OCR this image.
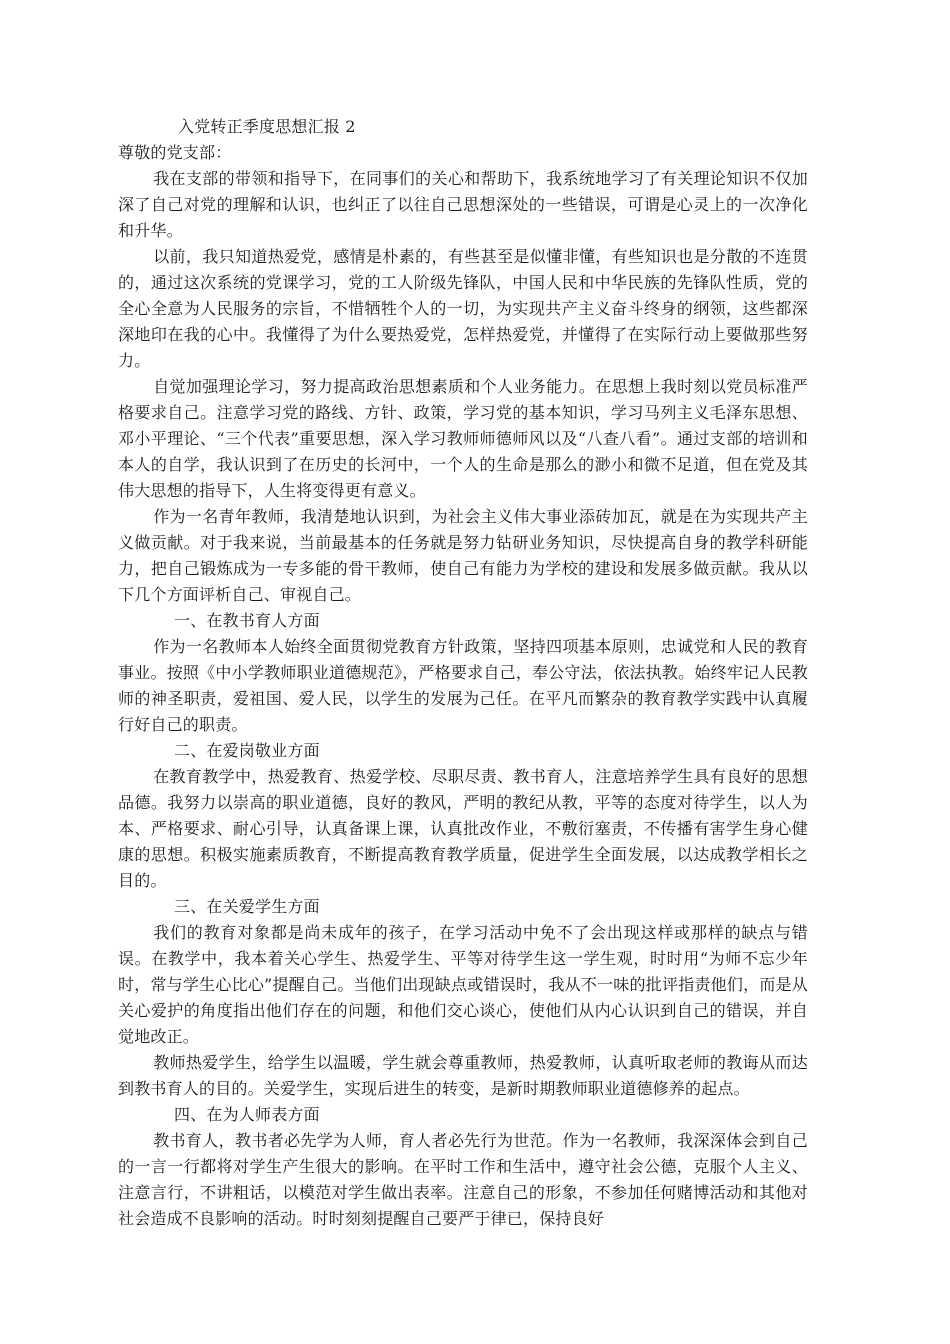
入党转正季度思想汇报 2

尊敬的党支部：

我在支部的带领和指导下，在同事们的关心和帮助下，我系统地学习了有关理论知识不仅加深了自己对党的理解和认识，也纠正了以往自己思想深处的一些错误，可谓是心灵上的一次净化和升华。

以前，我只知道热爱党，感情是朴素的，有些甚至是似懂非懂，有些知识也是分散的不连贯的，通过这次系统的党课学习，党的工人阶级先锋队，中国人民和中华民族的先锋队性质，党的全心全意为人民服务的宗旨，不惜牺牲个人的一切，为实现共产主义奋斗终身的纲领，这些都深深地印在我的心中。我懂得了为什么要热爱党，怎样热爱党，并懂得了在实际行动上要做那些努力。

自觉加强理论学习，努力提高政治思想素质和个人业务能力。在思想上我时刻以党员标准严格要求自己。注意学习党的路线、方针、政策，学习党的基本知识，学习马列主义毛泽东思想、邓小平理论、“三个代表”重要思想，深入学习教师师德师风以及“八查八看”。通过支部的培训和本人的自学，我认识到了在历史的长河中，一个人的生命是那么的渺小和微不足道，但在党及其伟大思想的指导下，人生将变得更有意义。

作为一名青年教师，我清楚地认识到，为社会主义伟大事业添砖加瓦，就是在为实现共产主义做贡献。对于我来说，当前最基本的任务就是努力钻研业务知识，尽快提高自身的教学科研能力，把自己锻炼成为一专多能的骨干教师，使自己有能力为学校的建设和发展多做贡献。我从以下几个方面评析自己、审视自己。

一、在教书育人方面

作为一名教师本人始终全面贯彻党教育方针政策，坚持四项基本原则，忠诚党和人民的教育事业。按照《中小学教师职业道德规范》，严格要求自己，奉公守法，依法执教。始终牢记人民教师的神圣职责，爱祖国、爱人民，以学生的发展为己任。在平凡而繁杂的教育教学实践中认真履行好自己的职责。

二、在爱岗敬业方面

在教育教学中，热爱教育、热爱学校、尽职尽责、教书育人，注意培养学生具有良好的思想品德。我努力以崇高的职业道德，良好的教风，严明的教纪从教，平等的态度对待学生，以人为本、严格要求、耐心引导，认真备课上课，认真批改作业，不敷衍塞责，不传播有害学生身心健康的思想。积极实施素质教育，不断提高教育教学质量，促进学生全面发展，以达成教学相长之目的。

三、在关爱学生方面

我们的教育对象都是尚未成年的孩子，在学习活动中免不了会出现这样或那样的缺点与错误。在教学中，我本着关心学生、热爱学生、平等对待学生这一学生观，时时用“为师不忘少年时，常与学生心比心”提醒自己。当他们出现缺点或错误时，我从不一味的批评指责他们，而是从关心爱护的角度指出他们存在的问题，和他们交心谈心，使他们从内心认识到自己的错误，并自觉地改正。

教师热爱学生，给学生以温暖，学生就会尊重教师，热爱教师，认真听取老师的教诲从而达到教书育人的目的。关爱学生，实现后进生的转变，是新时期教师职业道德修养的起点。

四、在为人师表方面

教书育人，教书者必先学为人师，育人者必先行为世范。作为一名教师，我深深体会到自己的一言一行都将对学生产生很大的影响。在平时工作和生活中，遵守社会公德，克服个人主义、注意言行，不讲粗话，以模范对学生做出表率。注意自己的形象，不参加任何赌博活动和其他对社会造成不良影响的活动。时时刻刻提醒自己要严于律已，保持良好
